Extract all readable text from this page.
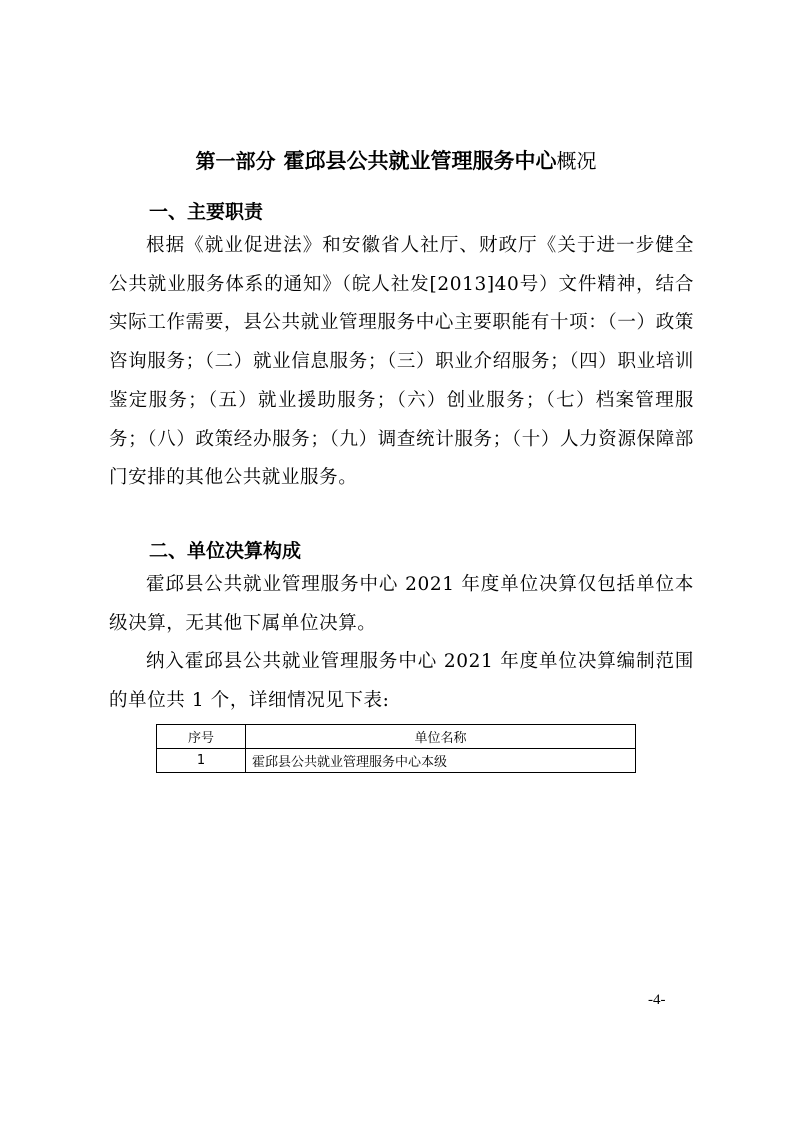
第一部分 霍邱县公共就业管理服务中心概况
一、主要职责

根据《就业促进法》和安徽省人社厅、财政厅《关于进一步健全公共就业服务体系的通知》（皖人社发[2013]40号）文件精神，结合实际工作需要，县公共就业管理服务中心主要职能有十项：（一）政策咨询服务；（二）就业信息服务；（三）职业介绍服务；（四）职业培训鉴定服务；（五）就业援助服务；（六）创业服务；（七）档案管理服务；（八）政策经办服务；（九）调查统计服务；（十）人力资源保障部门安排的其他公共就业服务。

二、单位决算构成

霍邱县公共就业管理服务中心 2021 年度单位决算仅包括单位本级决算，无其他下属单位决算。

纳入霍邱县公共就业管理服务中心 2021 年度单位决算编制范围的单位共 1 个，详细情况见下表:

序号	单位名称
1	霍邱县公共就业管理服务中心本级
-4-
